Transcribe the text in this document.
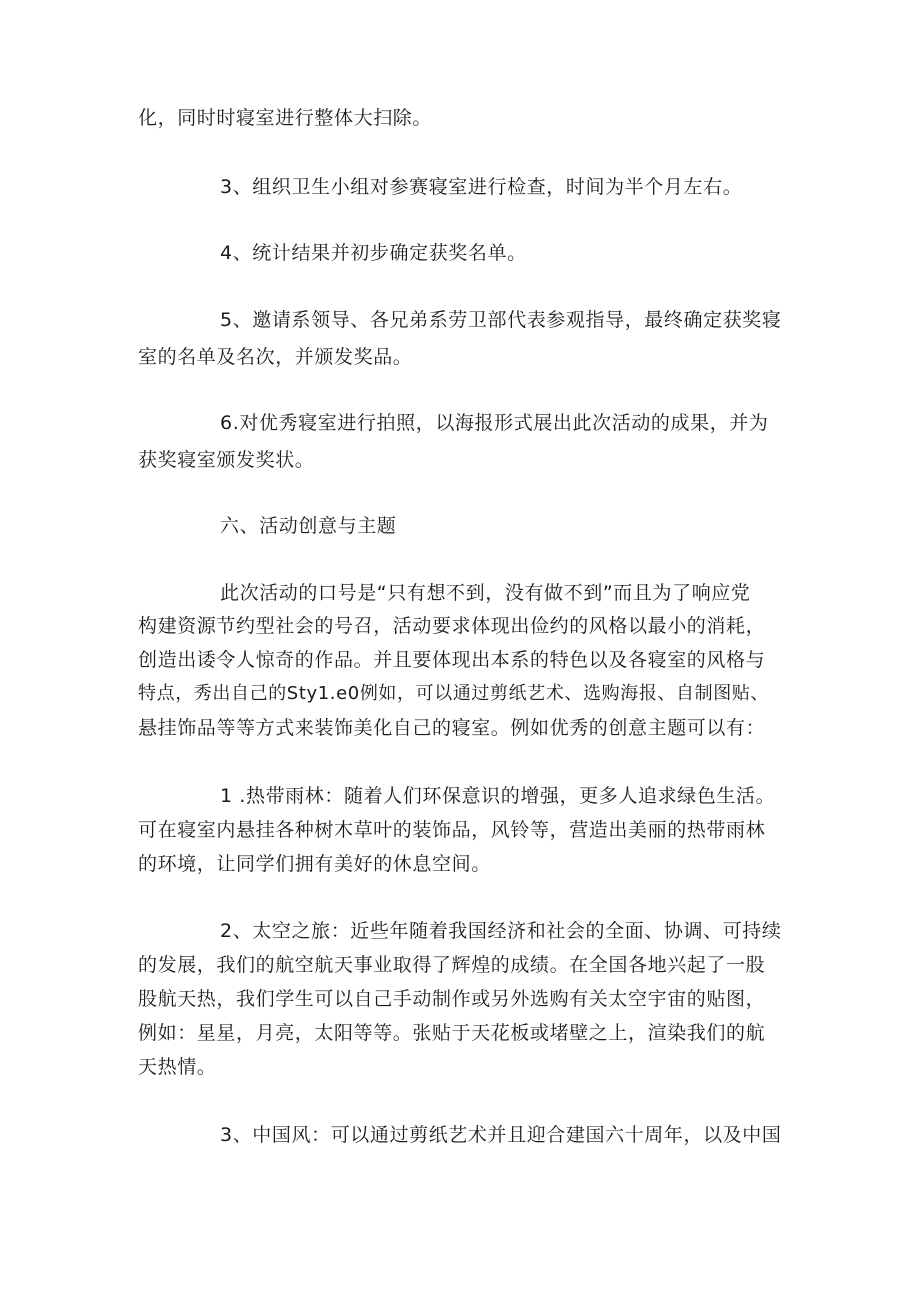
化，同时时寝室进行整体大扫除。
3、组织卫生小组对参赛寝室进行检查，时间为半个月左右。
4、统计结果并初步确定获奖名单。
5、邀请系领导、各兄弟系劳卫部代表参观指导，最终确定获奖寝
室的名单及名次，并颁发奖品。
6.对优秀寝室进行拍照，以海报形式展出此次活动的成果，并为
获奖寝室颁发奖状。
六、活动创意与主题
此次活动的口号是“只有想不到，没有做不到”而且为了响应党
构建资源节约型社会的号召，活动要求体现出俭约的风格以最小的消耗，
创造出诿令人惊奇的作品。并且要体现出本系的特色以及各寝室的风格与
特点，秀出自己的Sty1.e0例如，可以通过剪纸艺术、选购海报、自制图贴、
悬挂饰品等等方式来装饰美化自己的寝室。例如优秀的创意主题可以有：
1 .热带雨林：随着人们环保意识的增强，更多人追求绿色生活。
可在寝室内悬挂各种树木草叶的装饰品，风铃等，营造出美丽的热带雨林
的环境，让同学们拥有美好的休息空间。
2、太空之旅：近些年随着我国经济和社会的全面、协调、可持续
的发展，我们的航空航天事业取得了辉煌的成绩。在全国各地兴起了一股
股航天热，我们学生可以自己手动制作或另外选购有关太空宇宙的贴图，
例如：星星，月亮，太阳等等。张贴于天花板或堵壁之上，渲染我们的航
天热情。
3、中国风：可以通过剪纸艺术并且迎合建国六十周年，以及中国
